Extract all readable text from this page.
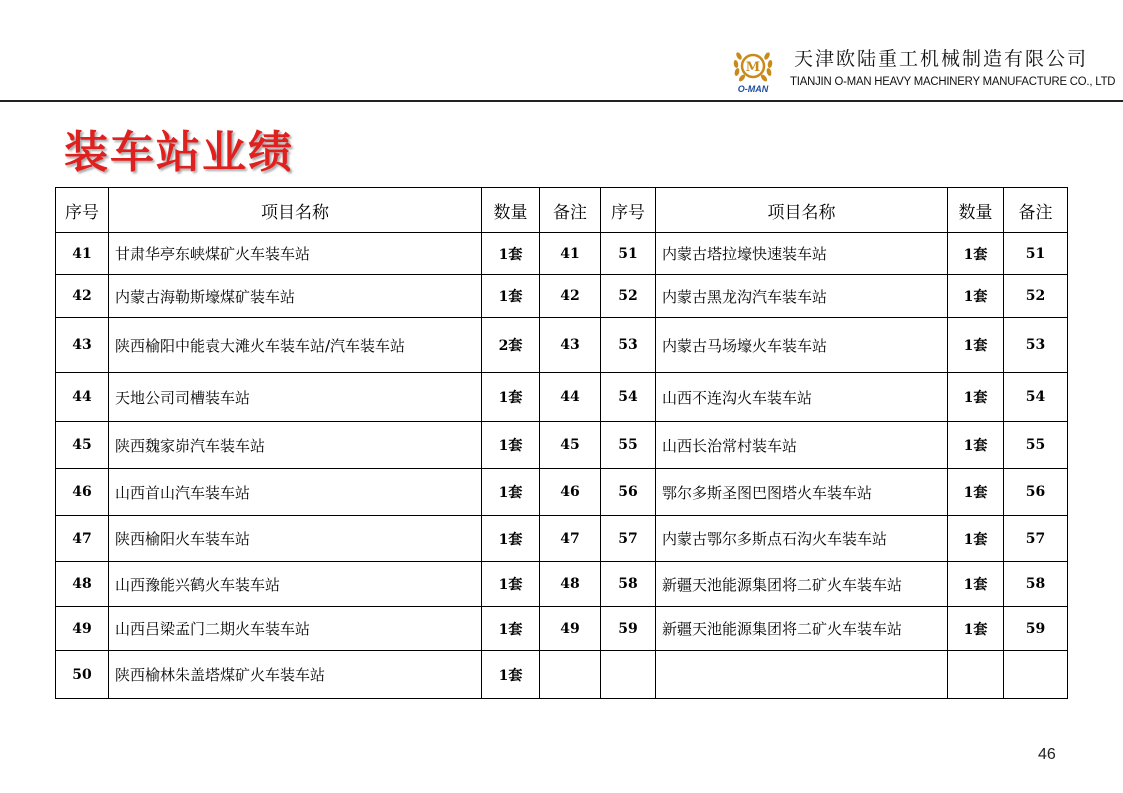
M
O-MAN
天津欧陆重工机械制造有限公司
TIANJIN O-MAN HEAVY MACHINERY MANUFACTURE CO., LTD
装车站业绩
序号	项目名称	数量	备注	序号	项目名称	数量	备注
41	甘肃华亭东峡煤矿火车装车站	1套	41	51	内蒙古塔拉壕快速装车站	1套	51
42	内蒙古海勒斯壕煤矿装车站	1套	42	52	内蒙古黑龙沟汽车装车站	1套	52
43	陕西榆阳中能袁大滩火车装车站/汽车装车站	2套	43	53	内蒙古马场壕火车装车站	1套	53
44	天地公司司槽装车站	1套	44	54	山西不连沟火车装车站	1套	54
45	陕西魏家峁汽车装车站	1套	45	55	山西长治常村装车站	1套	55
46	山西首山汽车装车站	1套	46	56	鄂尔多斯圣图巴图塔火车装车站	1套	56
47	陕西榆阳火车装车站	1套	47	57	内蒙古鄂尔多斯点石沟火车装车站	1套	57
48	山西豫能兴鹤火车装车站	1套	48	58	新疆天池能源集团将二矿火车装车站	1套	58
49	山西吕梁孟门二期火车装车站	1套	49	59	新疆天池能源集团将二矿火车装车站	1套	59
50	陕西榆林朱盖塔煤矿火车装车站	1套					
46
